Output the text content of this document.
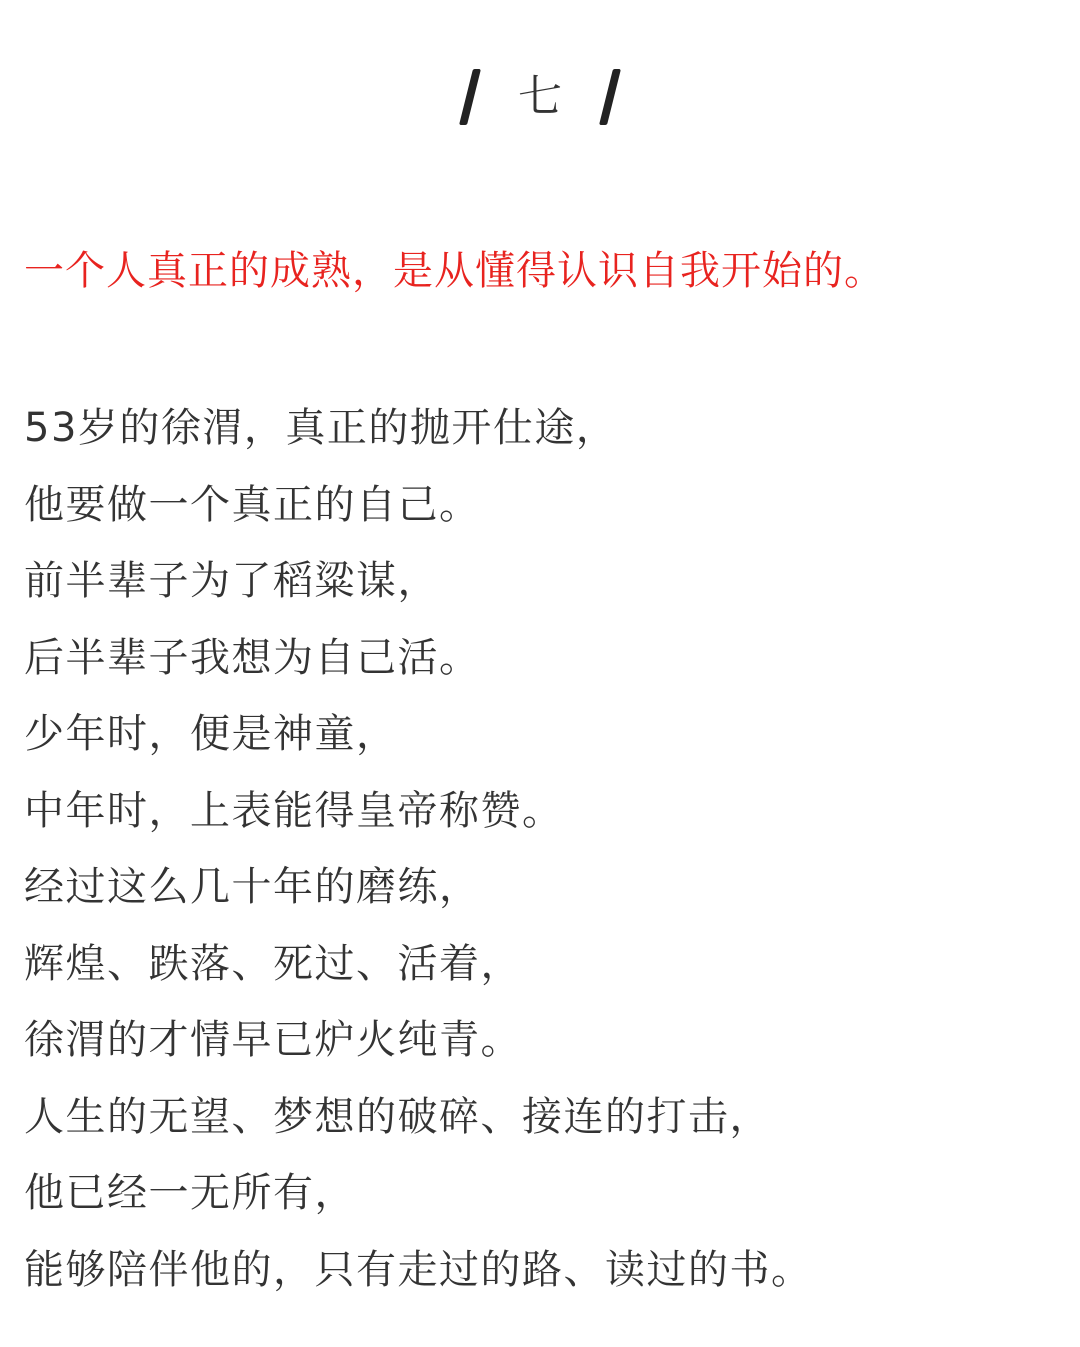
七
一个人真正的成熟，是从懂得认识自我开始的。
53岁的徐渭，真正的抛开仕途，
他要做一个真正的自己。
前半辈子为了稻粱谋，
后半辈子我想为自己活。
少年时，便是神童，
中年时，上表能得皇帝称赞。
经过这么几十年的磨练，
辉煌、跌落、死过、活着，
徐渭的才情早已炉火纯青。
人生的无望、梦想的破碎、接连的打击，
他已经一无所有，
能够陪伴他的，只有走过的路、读过的书。
